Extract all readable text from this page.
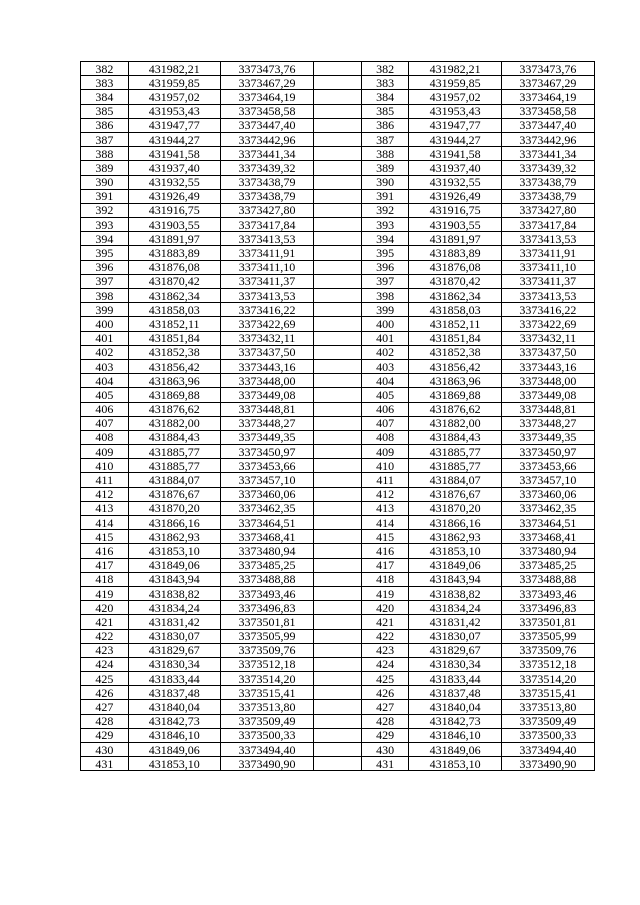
382	431982,21	3373473,76		382	431982,21	3373473,76
383	431959,85	3373467,29		383	431959,85	3373467,29
384	431957,02	3373464,19		384	431957,02	3373464,19
385	431953,43	3373458,58		385	431953,43	3373458,58
386	431947,77	3373447,40		386	431947,77	3373447,40
387	431944,27	3373442,96		387	431944,27	3373442,96
388	431941,58	3373441,34		388	431941,58	3373441,34
389	431937,40	3373439,32		389	431937,40	3373439,32
390	431932,55	3373438,79		390	431932,55	3373438,79
391	431926,49	3373438,79		391	431926,49	3373438,79
392	431916,75	3373427,80		392	431916,75	3373427,80
393	431903,55	3373417,84		393	431903,55	3373417,84
394	431891,97	3373413,53		394	431891,97	3373413,53
395	431883,89	3373411,91		395	431883,89	3373411,91
396	431876,08	3373411,10		396	431876,08	3373411,10
397	431870,42	3373411,37		397	431870,42	3373411,37
398	431862,34	3373413,53		398	431862,34	3373413,53
399	431858,03	3373416,22		399	431858,03	3373416,22
400	431852,11	3373422,69		400	431852,11	3373422,69
401	431851,84	3373432,11		401	431851,84	3373432,11
402	431852,38	3373437,50		402	431852,38	3373437,50
403	431856,42	3373443,16		403	431856,42	3373443,16
404	431863,96	3373448,00		404	431863,96	3373448,00
405	431869,88	3373449,08		405	431869,88	3373449,08
406	431876,62	3373448,81		406	431876,62	3373448,81
407	431882,00	3373448,27		407	431882,00	3373448,27
408	431884,43	3373449,35		408	431884,43	3373449,35
409	431885,77	3373450,97		409	431885,77	3373450,97
410	431885,77	3373453,66		410	431885,77	3373453,66
411	431884,07	3373457,10		411	431884,07	3373457,10
412	431876,67	3373460,06		412	431876,67	3373460,06
413	431870,20	3373462,35		413	431870,20	3373462,35
414	431866,16	3373464,51		414	431866,16	3373464,51
415	431862,93	3373468,41		415	431862,93	3373468,41
416	431853,10	3373480,94		416	431853,10	3373480,94
417	431849,06	3373485,25		417	431849,06	3373485,25
418	431843,94	3373488,88		418	431843,94	3373488,88
419	431838,82	3373493,46		419	431838,82	3373493,46
420	431834,24	3373496,83		420	431834,24	3373496,83
421	431831,42	3373501,81		421	431831,42	3373501,81
422	431830,07	3373505,99		422	431830,07	3373505,99
423	431829,67	3373509,76		423	431829,67	3373509,76
424	431830,34	3373512,18		424	431830,34	3373512,18
425	431833,44	3373514,20		425	431833,44	3373514,20
426	431837,48	3373515,41		426	431837,48	3373515,41
427	431840,04	3373513,80		427	431840,04	3373513,80
428	431842,73	3373509,49		428	431842,73	3373509,49
429	431846,10	3373500,33		429	431846,10	3373500,33
430	431849,06	3373494,40		430	431849,06	3373494,40
431	431853,10	3373490,90		431	431853,10	3373490,90
